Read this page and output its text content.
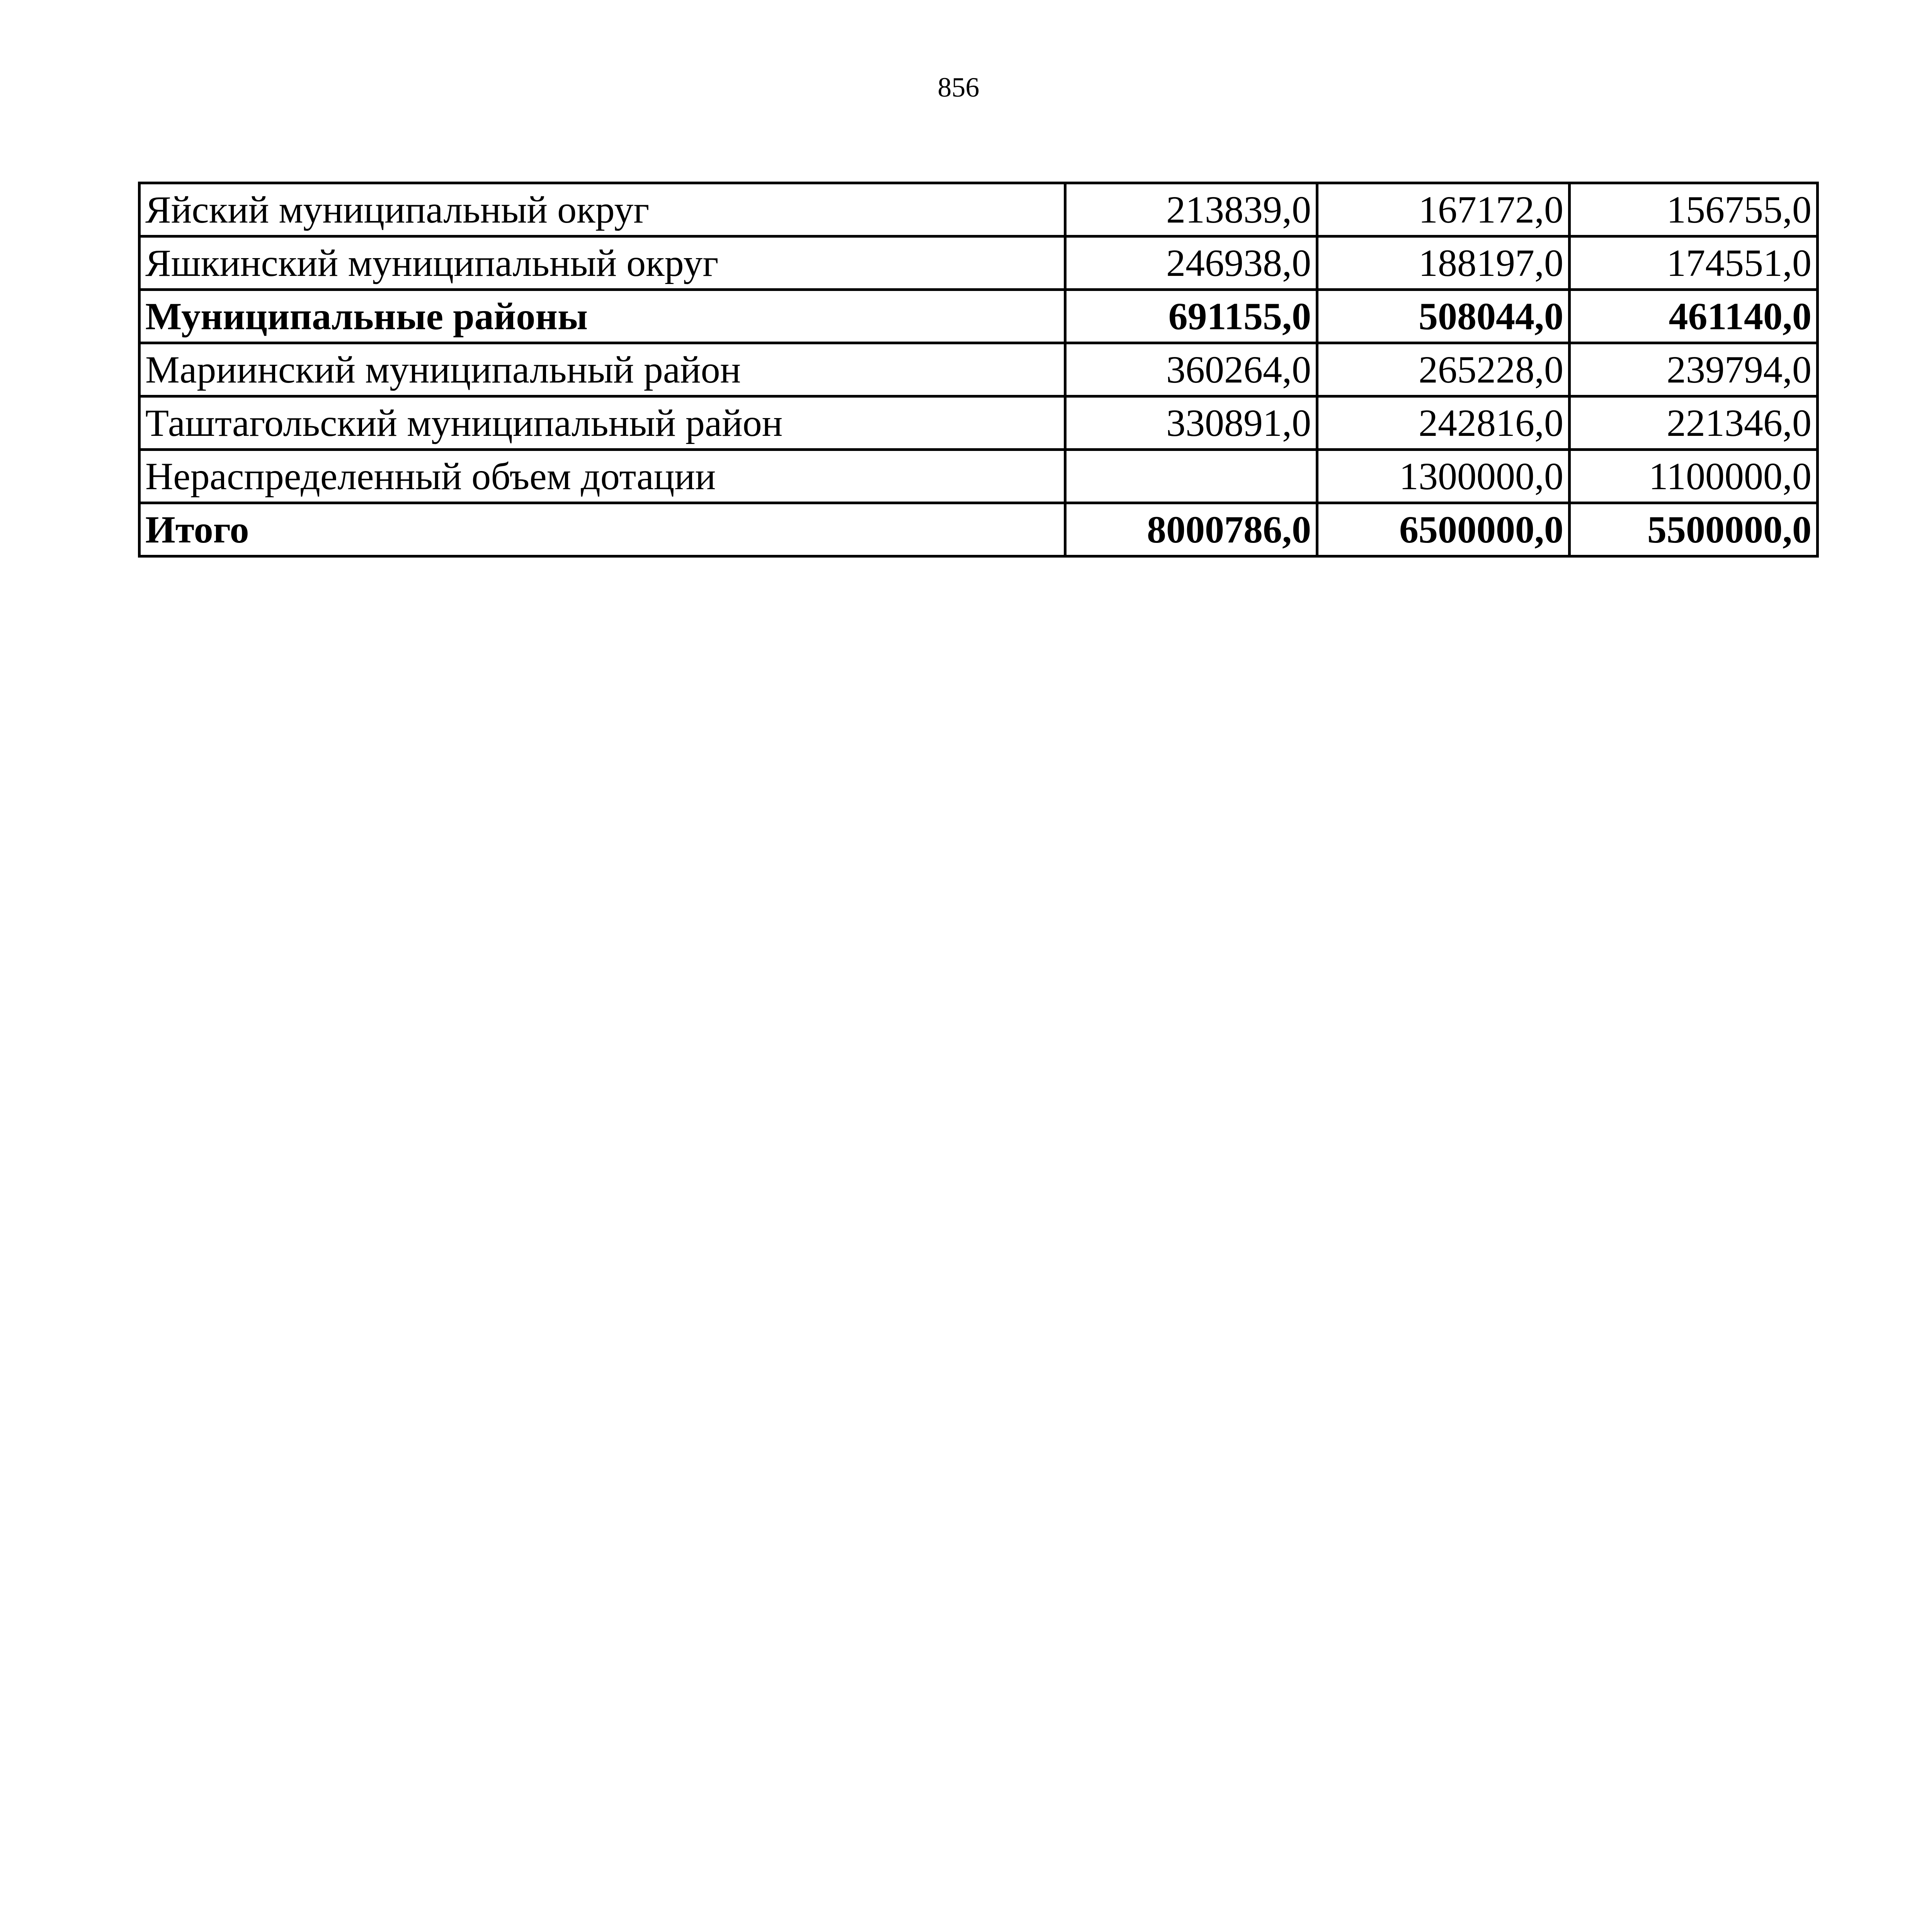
856
Яйский муниципальный округ	213839,0	167172,0	156755,0
Яшкинский муниципальный округ	246938,0	188197,0	174551,0
Муниципальные районы	691155,0	508044,0	461140,0
Мариинский муниципальный район	360264,0	265228,0	239794,0
Таштагольский муниципальный район	330891,0	242816,0	221346,0
Нераспределенный объем дотации		1300000,0	1100000,0
Итого	8000786,0	6500000,0	5500000,0
